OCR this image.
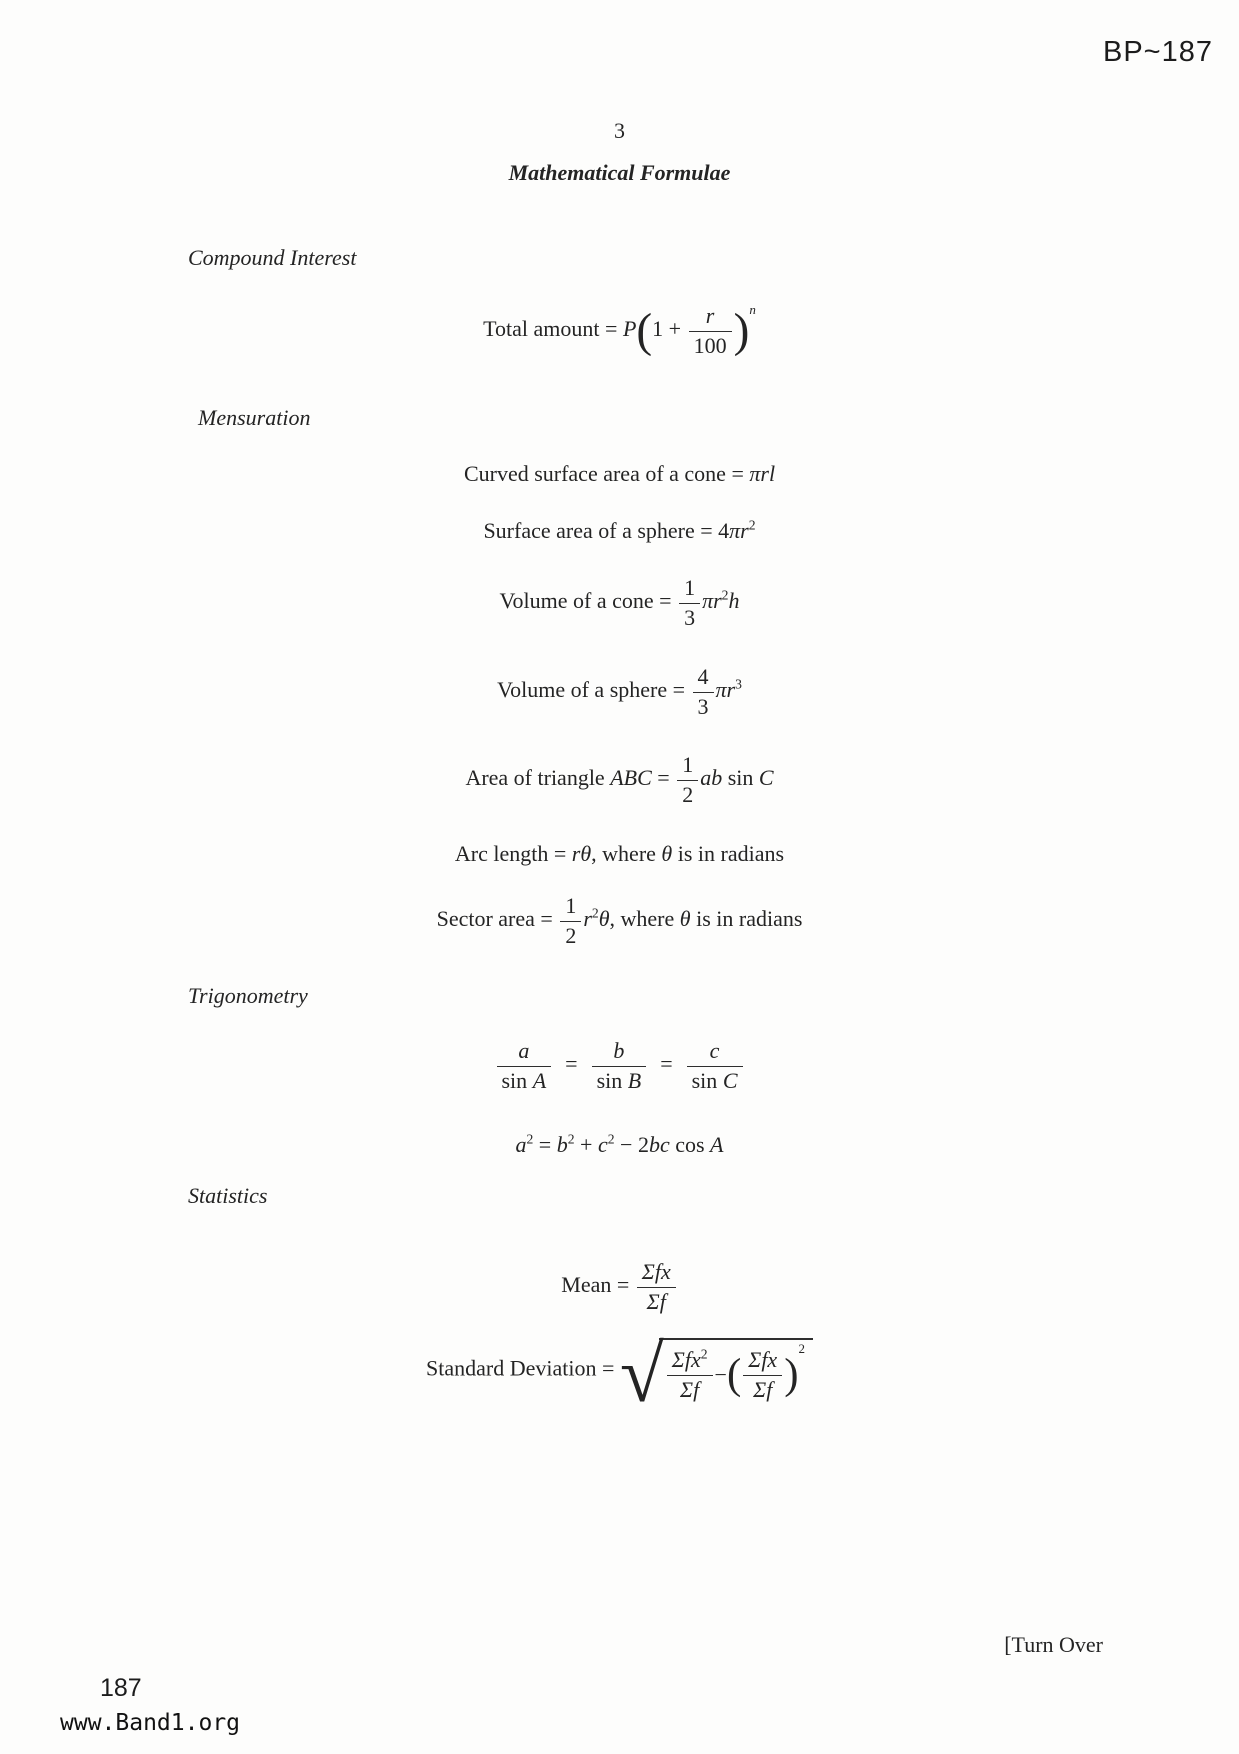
BP~187
3
Mathematical Formulae
Compound Interest
Total amount = $P(1 + \frac{r}{100} )^n$
Mensuration
Curved surface area of a cone = πrl
Surface area of a sphere = $4\pi r^2$
Volume of a cone = $\frac{1}{3} \pi r^2h$
Volume of a sphere = $\frac{4}{3} \pi r^3$
Area of triangle ABC = $\frac{1}{2}$ ab sin C
Arc length = rθ, where θ is in radians
Sector area = $\frac{1}{2} r^2\theta$, where θ is in radians
Trigonometry
$\frac{a}{\text{sin A}} = \frac{b}{\text{sin B}} = \frac{c}{\text{sin C}}$
$a^2 = b^2 + c^2 - 2bc$ cos A
Statistics
Mean = $\frac{\text{Σfx}}{\Sigma f}$
Standard Deviation = √ $\frac{\Sigma fx^2}{\Sigma f}$ − ( $\frac{\text{Σfx}}{\Sigma f}$ )
2
[Turn Over
187
www.Band1.org
